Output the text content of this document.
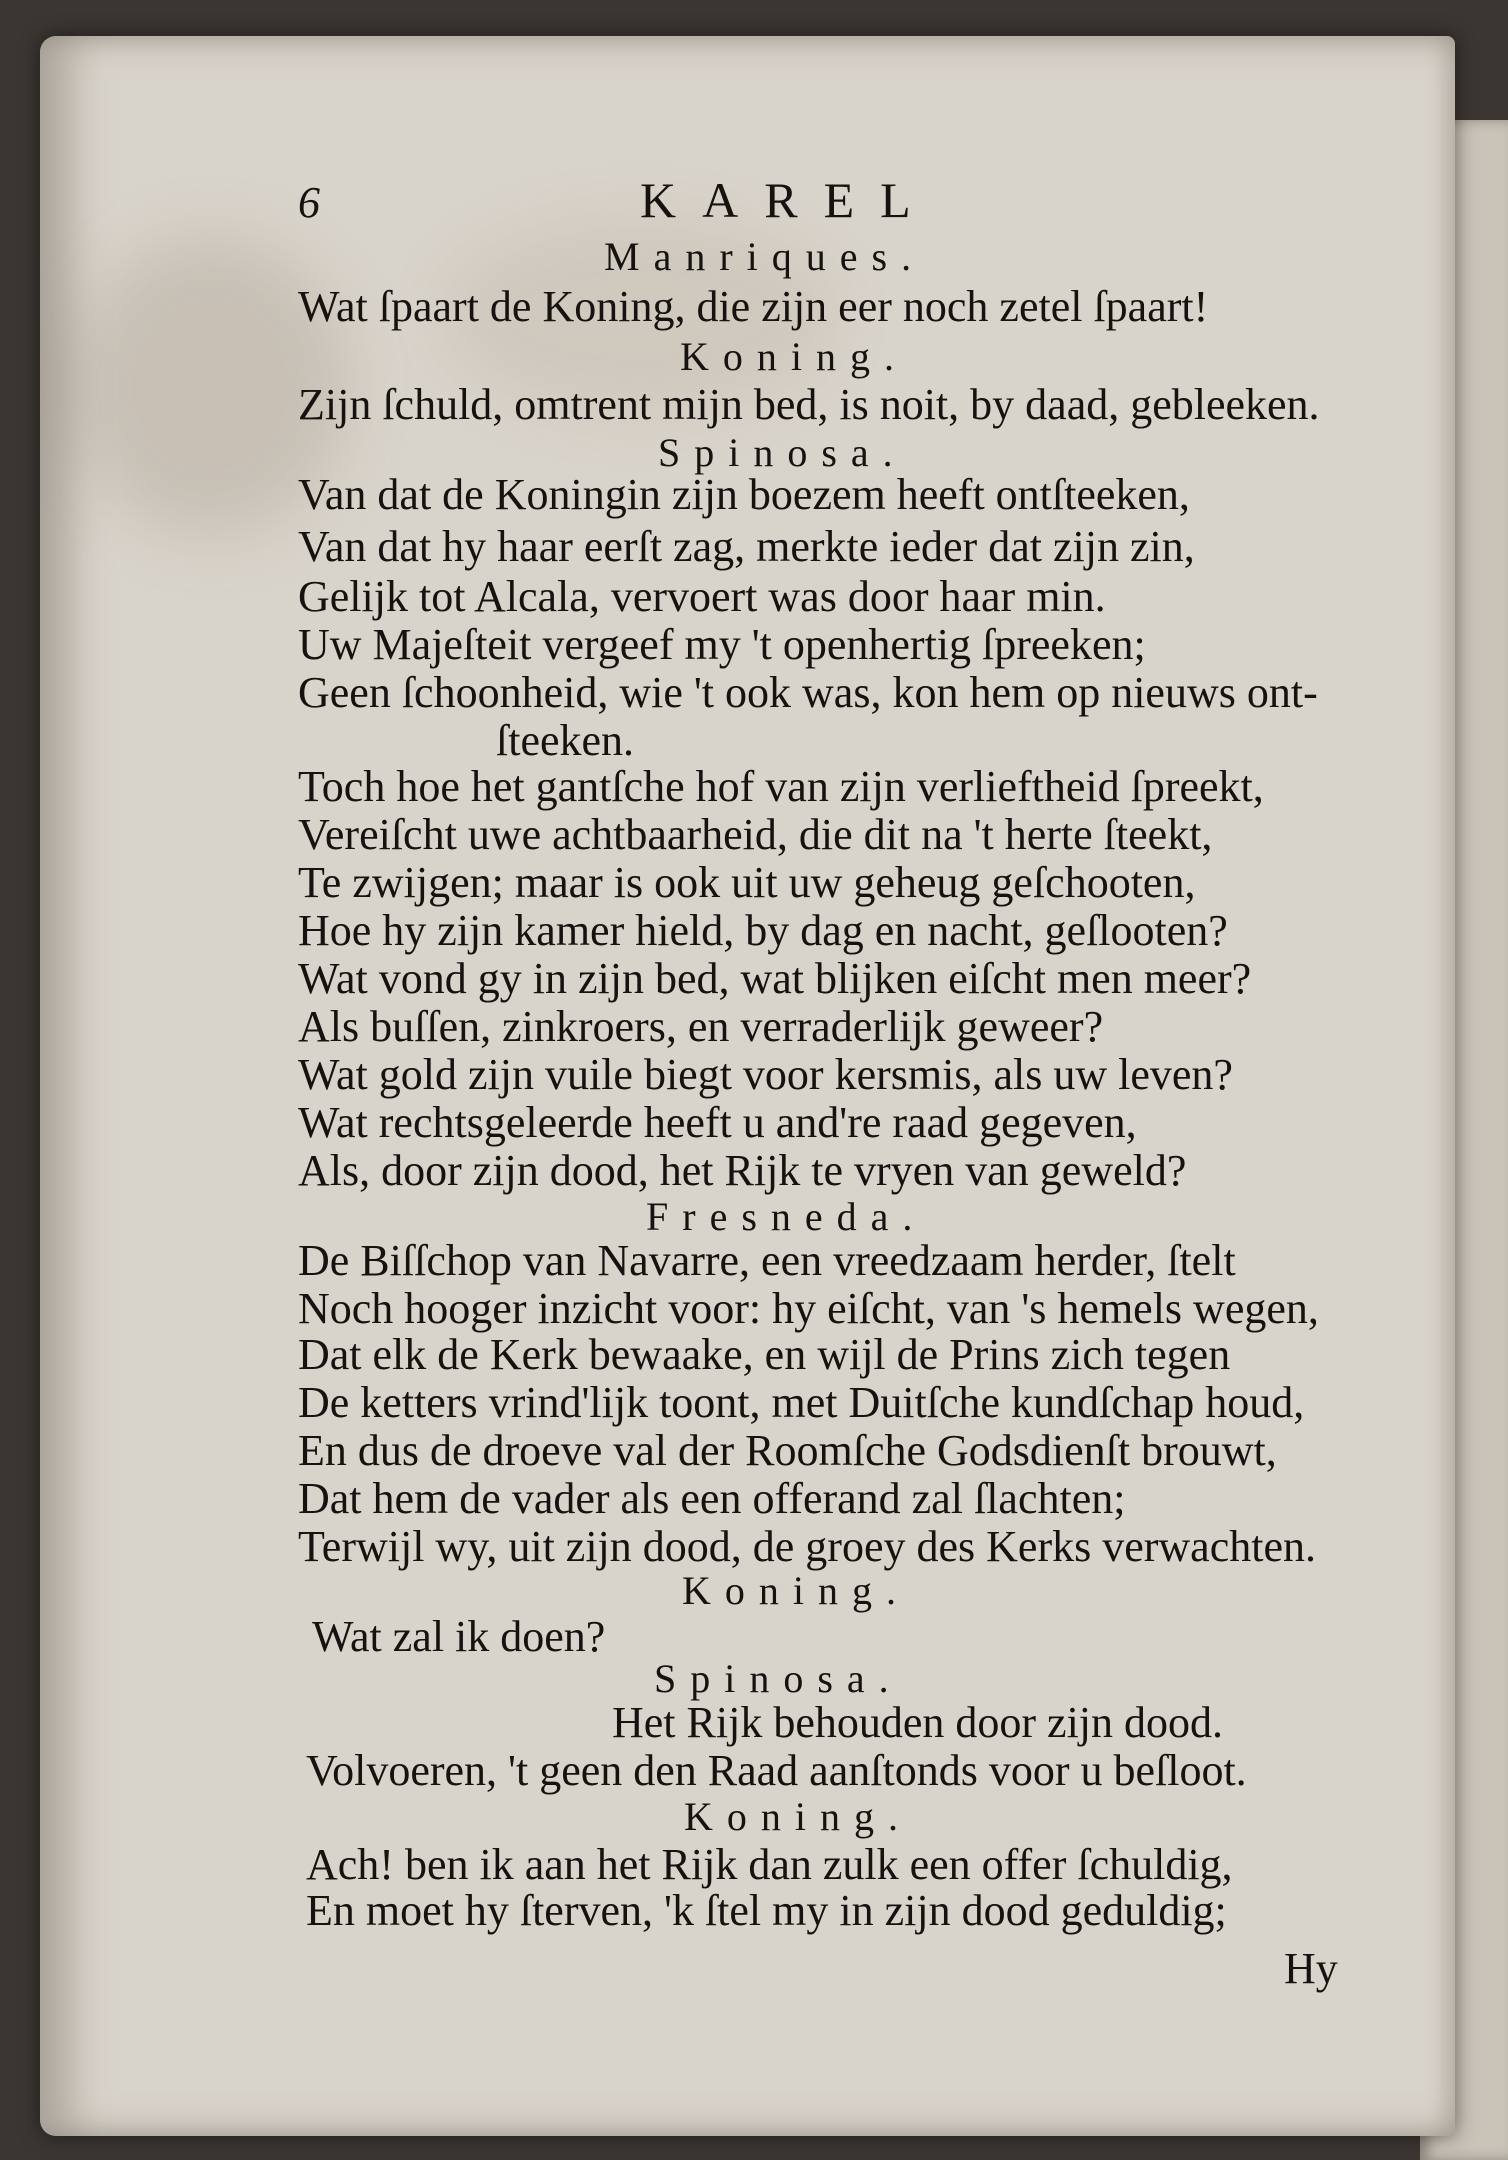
6	KAREL
Manriques.
Wat ſpaart de Koning, die zijn eer noch zetel ſpaart!
Koning.
Zijn ſchuld, omtrent mijn bed, is noit, by daad, gebleeken.
Spinosa.
Van dat de Koningin zijn boezem heeft ontſteeken,
Van dat hy haar eerſt zag, merkte ieder dat zijn zin,
Gelijk tot Alcala, vervoert was door haar min.
Uw Majeſteit vergeef my 't openhertig ſpreeken;
Geen ſchoonheid, wie 't ook was, kon hem op nieuws ont-
ſteeken.
Toch hoe het gantſche hof van zijn verlieftheid ſpreekt,
Vereiſcht uwe achtbaarheid, die dit na 't herte ſteekt,
Te zwijgen; maar is ook uit uw geheug geſchooten,
Hoe hy zijn kamer hield, by dag en nacht, geſlooten?
Wat vond gy in zijn bed, wat blijken eiſcht men meer?
Als buſſen, zinkroers, en verraderlijk geweer?
Wat gold zijn vuile biegt voor kersmis, als uw leven?
Wat rechtsgeleerde heeft u and're raad gegeven,
Als, door zijn dood, het Rijk te vryen van geweld?
Fresneda.
De Biſſchop van Navarre, een vreedzaam herder, ſtelt
Noch hooger inzicht voor: hy eiſcht, van 's hemels wegen,
Dat elk de Kerk bewaake, en wijl de Prins zich tegen
De ketters vrind'lijk toont, met Duitſche kundſchap houd,
En dus de droeve val der Roomſche Godsdienſt brouwt,
Dat hem de vader als een offerand zal ſlachten;
Terwijl wy, uit zijn dood, de groey des Kerks verwachten.
Koning.
Wat zal ik doen?
Spinosa.
Het Rijk behouden door zijn dood.
Volvoeren, 't geen den Raad aanſtonds voor u beſloot.
Koning.
Ach! ben ik aan het Rijk dan zulk een offer ſchuldig,
En moet hy ſterven, 'k ſtel my in zijn dood geduldig;
Hy
